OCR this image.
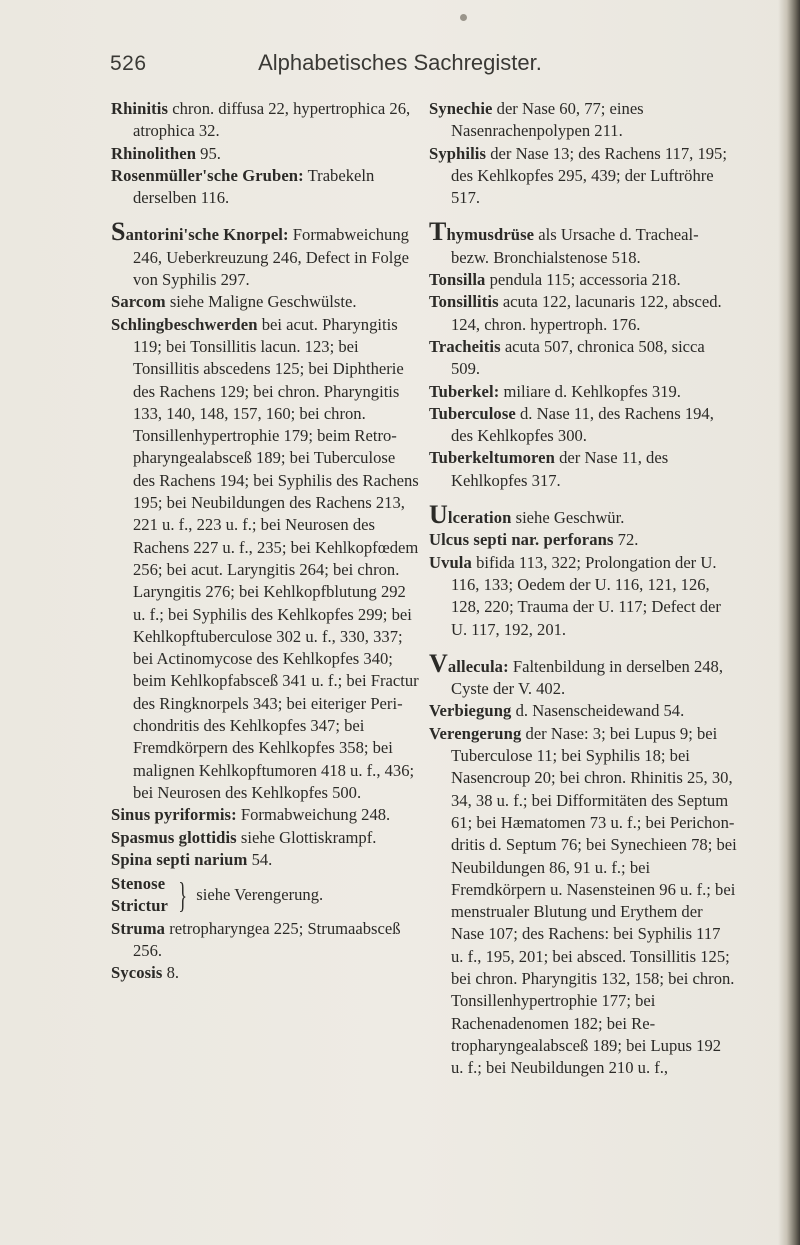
526	Alphabetisches Sachregister.

Rhinitis chron. diffusa 22, hypertrophica 26, atrophica 32.

Rhinolithen 95.

Rosenmüller'sche Gruben: Trabekeln derselben 116.

Santorini'sche Knorpel: Formabweichung 246, Ueberkreuzung 246, Defect in Folge von Syphilis 297.

Sarcom siehe Maligne Geschwülste.

Schlingbeschwerden bei acut. Pharyngitis 119; bei Tonsillitis lacun. 123; bei Tonsillitis abscedens 125; bei Diphtherie des Rachens 129; bei chron. Pharyngitis 133, 140, 148, 157, 160; bei chron. Tonsillenhypertrophie 179; beim Retropharyngealabsceß 189; bei Tuberculose des Rachens 194; bei Syphilis des Rachens 195; bei Neubildungen des Rachens 213, 221 u. f., 223 u. f.; bei Neurosen des Rachens 227 u. f., 235; bei Kehlkopfœdem 256; bei acut. Laryngitis 264; bei chron. Laryngitis 276; bei Kehlkopfblutung 292 u. f.; bei Syphilis des Kehlkopfes 299; bei Kehlkopftuberculose 302 u. f., 330, 337; bei Actinomycose des Kehlkopfes 340; beim Kehlkopfabsceß 341 u. f.; bei Fractur des Ringknorpels 343; bei eiteriger Perichondritis des Kehlkopfes 347; bei Fremdkörpern des Kehlkopfes 358; bei malignen Kehlkopftumoren 418 u. f., 436; bei Neurosen des Kehlkopfes 500.

Sinus pyriformis: Formabweichung 248.

Spasmus glottidis siehe Glottiskrampf.

Spina septi narium 54.

Stenose
Strictur } siehe Verengerung.

Struma retropharyngea 225; Strumaabsceß 256.

Sycosis 8.

Synechie der Nase 60, 77; eines Nasenrachenpolypen 211.

Syphilis der Nase 13; des Rachens 117, 195; des Kehlkopfes 295, 439; der Luftröhre 517.

Thymusdrüse als Ursache d. Tracheal- bezw. Bronchialstenose 518.

Tonsilla pendula 115; accessoria 218.

Tonsillitis acuta 122, lacunaris 122, absced. 124, chron. hypertroph. 176.

Tracheitis acuta 507, chronica 508, sicca 509.

Tuberkel: miliare d. Kehlkopfes 319.

Tuberculose d. Nase 11, des Rachens 194, des Kehlkopfes 300.

Tuberkeltumoren der Nase 11, des Kehlkopfes 317.

Ulceration siehe Geschwür.

Ulcus septi nar. perforans 72.

Uvula bifida 113, 322; Prolongation der U. 116, 133; Oedem der U. 116, 121, 126, 128, 220; Trauma der U. 117; Defect der U. 117, 192, 201.

Vallecula: Faltenbildung in derselben 248, Cyste der V. 402.

Verbiegung d. Nasenscheidewand 54.

Verengerung der Nase: 3; bei Lupus 9; bei Tuberculose 11; bei Syphilis 18; bei Nasencroup 20; bei chron. Rhinitis 25, 30, 34, 38 u. f.; bei Difformitäten des Septum 61; bei Hæmatomen 73 u. f.; bei Perichondritis d. Septum 76; bei Synechieen 78; bei Neubildungen 86, 91 u. f.; bei Fremdkörpern u. Nasensteinen 96 u. f.; bei menstrualer Blutung und Erythem der Nase 107; des Rachens: bei Syphilis 117 u. f., 195, 201; bei absced. Tonsillitis 125; bei chron. Pharyngitis 132, 158; bei chron. Tonsillenhypertrophie 177; bei Rachenadenomen 182; bei Retropharyngealabsceß 189; bei Lupus 192 u. f.; bei Neubildungen 210 u. f.,
